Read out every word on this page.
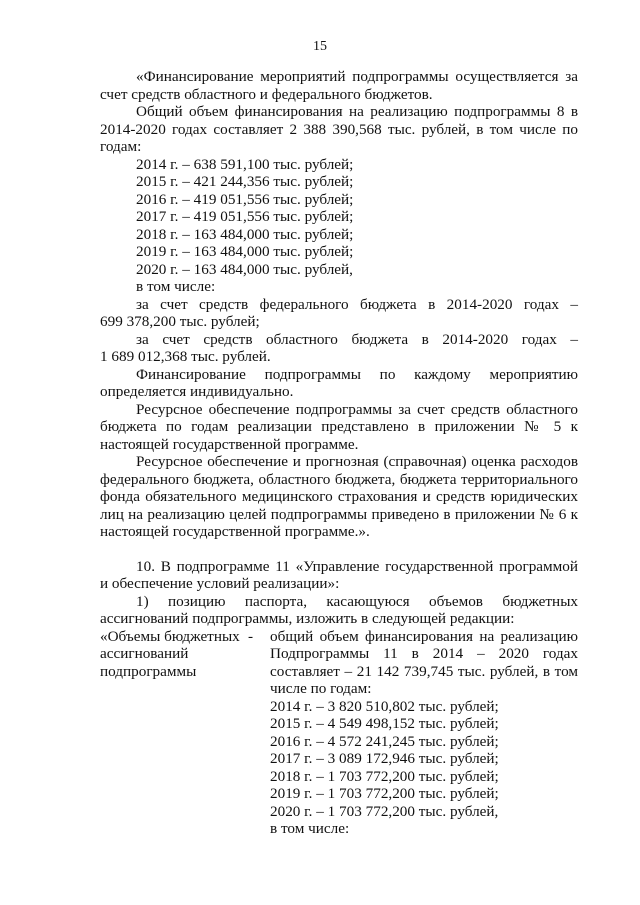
15

«Финансирование мероприятий подпрограммы осуществляется за счет средств областного и федерального бюджетов.

Общий объем финансирования на реализацию подпрограммы 8 в 2014-2020 годах составляет 2 388 390,568 тыс. рублей, в том числе по годам:

2014 г. – 638 591,100 тыс. рублей;
2015 г. – 421 244,356 тыс. рублей;
2016 г. – 419 051,556 тыс. рублей;
2017 г. – 419 051,556 тыс. рублей;
2018 г. – 163 484,000 тыс. рублей;
2019 г. – 163 484,000 тыс. рублей;
2020 г. – 163 484,000 тыс. рублей,
в том числе:
за счет средств федерального бюджета в 2014-2020 годах –
699 378,200 тыс. рублей;
за счет средств областного бюджета в 2014-2020 годах –
1 689 012,368 тыс. рублей.
Финансирование подпрограммы по каждому мероприятию
определяется индивидуально.

Ресурсное обеспечение подпрограммы за счет средств областного бюджета по годам реализации представлено в приложении № 5 к настоящей государственной программе.

Ресурсное обеспечение и прогнозная (справочная) оценка расходов федерального бюджета, областного бюджета, бюджета территориального фонда обязательного медицинского страхования и средств юридических лиц на реализацию целей подпрограммы приведено в приложении № 6 к настоящей государственной программе.».

10. В подпрограмме 11 «Управление государственной программой и обеспечение условий реализации»:

1) позицию паспорта, касающуюся объемов бюджетных
ассигнований подпрограммы, изложить в следующей редакции:
«Объемы бюджетных
ассигнований
подпрограммы
- общий объем финансирования на реализацию
Подпрограммы 11 в 2014 – 2020 годах
составляет – 21 142 739,745 тыс. рублей, в том
числе по годам:
2014 г. – 3 820 510,802 тыс. рублей;
2015 г. – 4 549 498,152 тыс. рублей;
2016 г. – 4 572 241,245 тыс. рублей;
2017 г. – 3 089 172,946 тыс. рублей;
2018 г. – 1 703 772,200 тыс. рублей;
2019 г. – 1 703 772,200 тыс. рублей;
2020 г. – 1 703 772,200 тыс. рублей,
в том числе:
